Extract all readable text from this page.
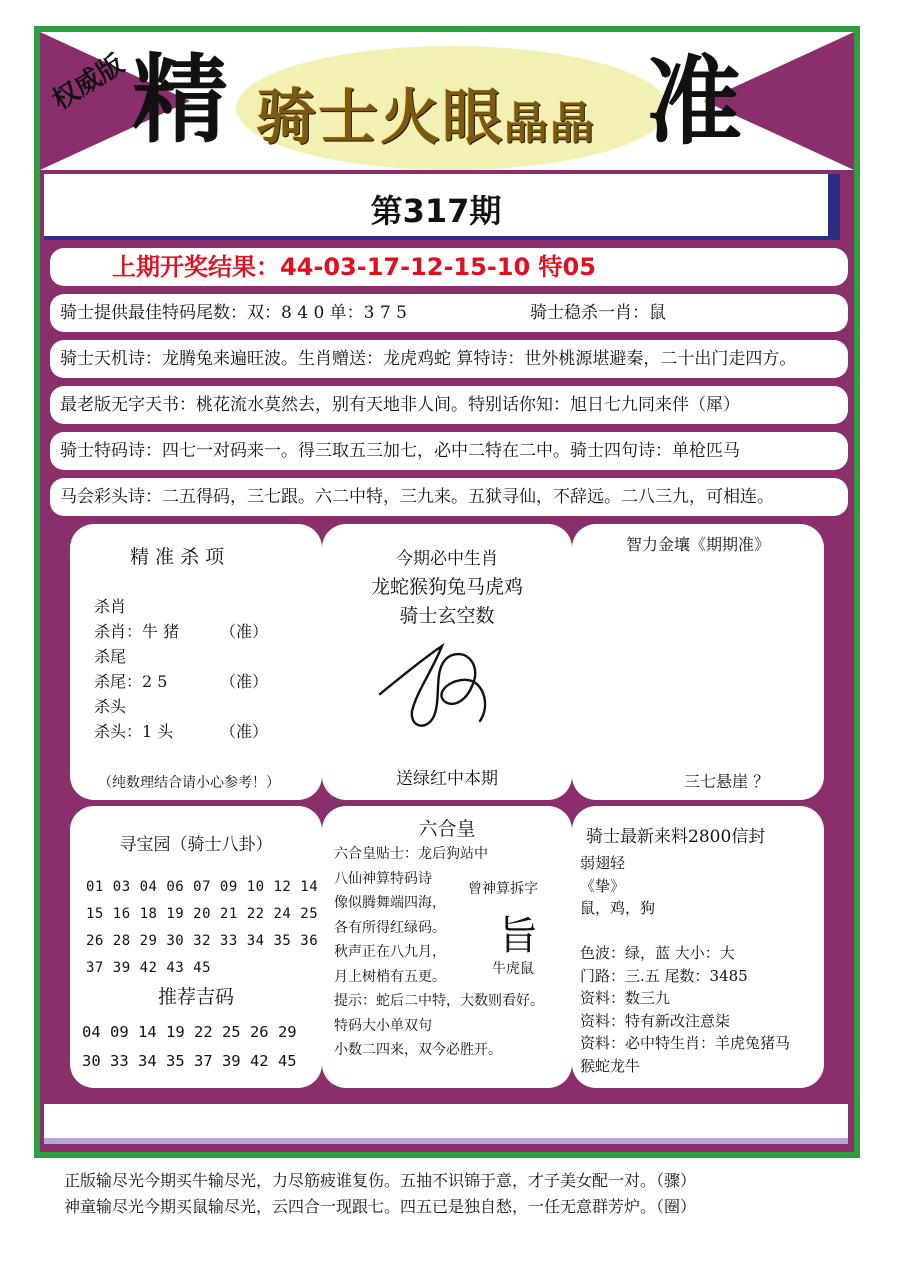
权威版 精 骑士火眼晶晶 准
第317期
上期开奖结果：44-03-17-12-15-10 特05
骑士提供最佳特码尾数：双：8 4 0 单：3 7 5	骑士稳杀一肖：鼠
骑士天机诗：龙腾兔来遍旺波。生肖赠送：龙虎鸡蛇 算特诗：世外桃源堪避秦，二十出门走四方。
最老版无字天书：桃花流水莫然去，别有天地非人间。特别话你知：旭日七九同来伴（犀）
骑士特码诗：四七一对码来一。得三取五三加七，必中二特在二中。骑士四句诗：单枪匹马
马会彩头诗：二五得码，三七跟。六二中特，三九来。五狱寻仙，不辞远。二八三九，可相连。
精 准 杀 项
杀肖
杀肖：牛 猪
杀尾
杀尾：2 5
杀头
杀头：1 头
（准）
（准）
（准）
（纯数理结合请小心参考！）
今期必中生肖
龙蛇猴狗兔马虎鸡
骑士玄空数
送绿红中本期
智力金壤《期期准》
三七悬崖 ？
寻宝园（骑士八卦）
01 03 04 06 07 09 10 12 14
15 16 18 19 20 21 22 24 25
26 28 29 30 32 33 34 35 36
37 39 42 43 45
推荐吉码
04 09 14 19 22 25 26 29
30 33 34 35 37 39 42 45
六合皇
六合皇贴士：龙后狗站中
八仙神算特码诗
像似腾舞端四海，
各有所得红绿码。
秋声正在八九月，
月上树梢有五更。
提示：蛇后二中特，大数则看好。
特码大小单双句
小数二四来，双今必胜开。
曾神算拆字
旨
牛虎鼠
骑士最新来料2800信封
弱翅轻
《挚》
鼠，鸡，狗

色波：绿，蓝 大小：大
门路：三.五 尾数：3485
资料：数三九
资料：特有新改注意柒
资料：必中特生肖：羊虎兔猪马
猴蛇龙牛
正版输尽光今期买牛输尽光，力尽筋疲谁复伤。五抽不识锦于意，才子美女配一对。（骤）
神童输尽光今期买鼠输尽光，云四合一现跟七。四五已是独自愁，一任无意群芳炉。（圈）
